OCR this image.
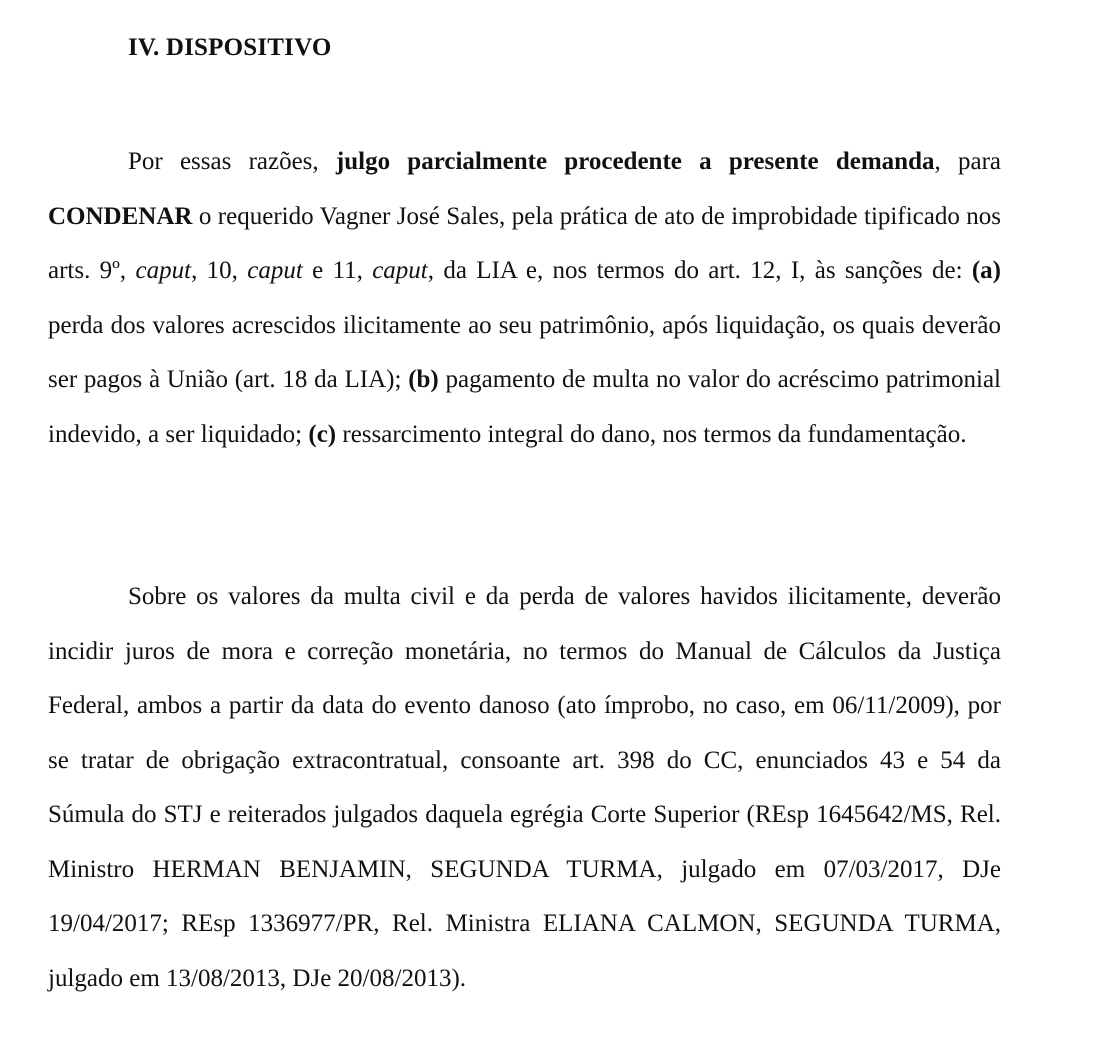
IV. DISPOSITIVO

Por essas razões, julgo parcialmente procedente a presente demanda, para CONDENAR o requerido Vagner José Sales, pela prática de ato de improbidade tipificado nos arts. 9º, caput, 10, caput e 11, caput, da LIA e, nos termos do art. 12, I, às sanções de: (a) perda dos valores acrescidos ilicitamente ao seu patrimônio, após liquidação, os quais deverão ser pagos à União (art. 18 da LIA); (b) pagamento de multa no valor do acréscimo patrimonial indevido, a ser liquidado; (c) ressarcimento integral do dano, nos termos da fundamentação.

Sobre os valores da multa civil e da perda de valores havidos ilicitamente, deverão incidir juros de mora e correção monetária, no termos do Manual de Cálculos da Justiça Federal, ambos a partir da data do evento danoso (ato ímprobo, no caso, em 06/11/2009), por se tratar de obrigação extracontratual, consoante art. 398 do CC, enunciados 43 e 54 da Súmula do STJ e reiterados julgados daquela egrégia Corte Superior (REsp 1645642/MS, Rel. Ministro HERMAN BENJAMIN, SEGUNDA TURMA, julgado em 07/03/2017, DJe 19/04/2017; REsp 1336977/PR, Rel. Ministra ELIANA CALMON, SEGUNDA TURMA, julgado em 13/08/2013, DJe 20/08/2013).
